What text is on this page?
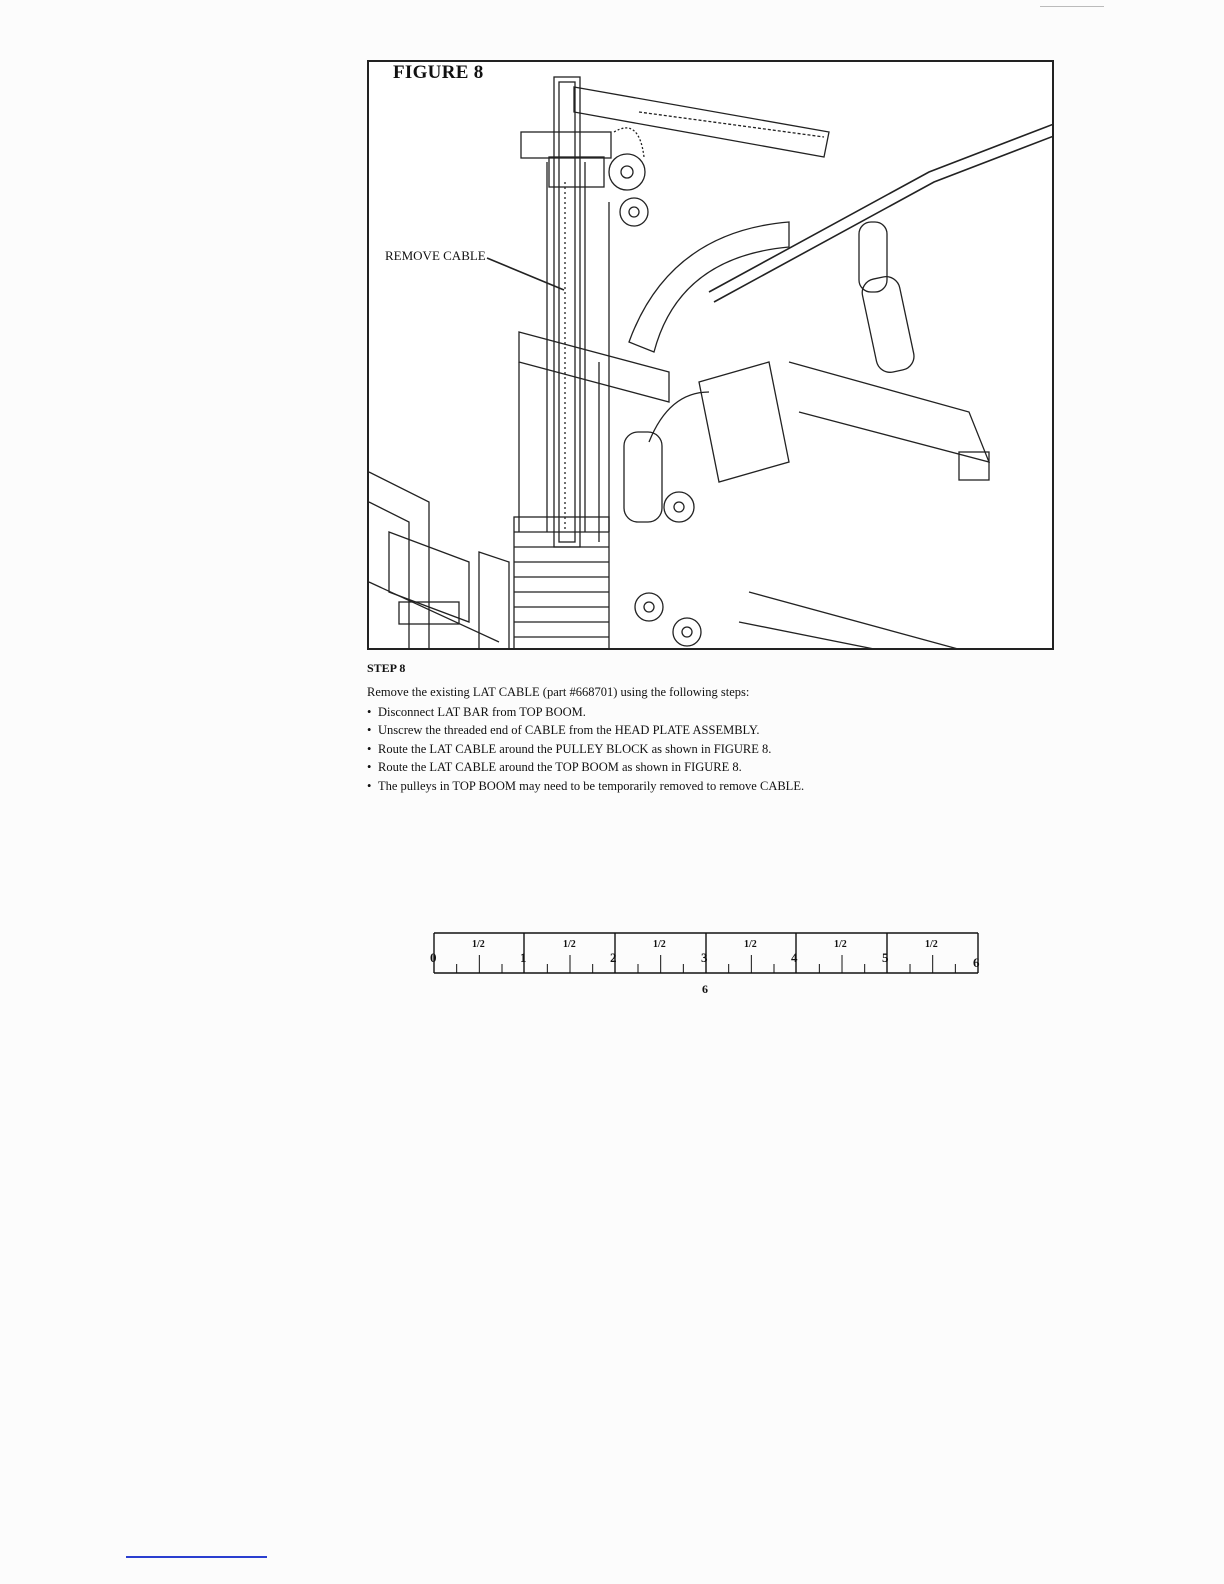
FIGURE 8
REMOVE CABLE
STEP 8

Remove the existing LAT CABLE (part #668701) using the following steps:

• Disconnect LAT BAR from TOP BOOM.
• Unscrew the threaded end of CABLE from the HEAD PLATE ASSEMBLY.
• Route the LAT CABLE around the PULLEY BLOCK as shown in FIGURE 8.
• Route the LAT CABLE around the TOP BOOM as shown in FIGURE 8.
• The pulleys in TOP BOOM may need to be temporarily removed to remove CABLE.
1/2	1/2	1/2	1/2	1/2	1/2
0	1	2	3	4	5	6
6
